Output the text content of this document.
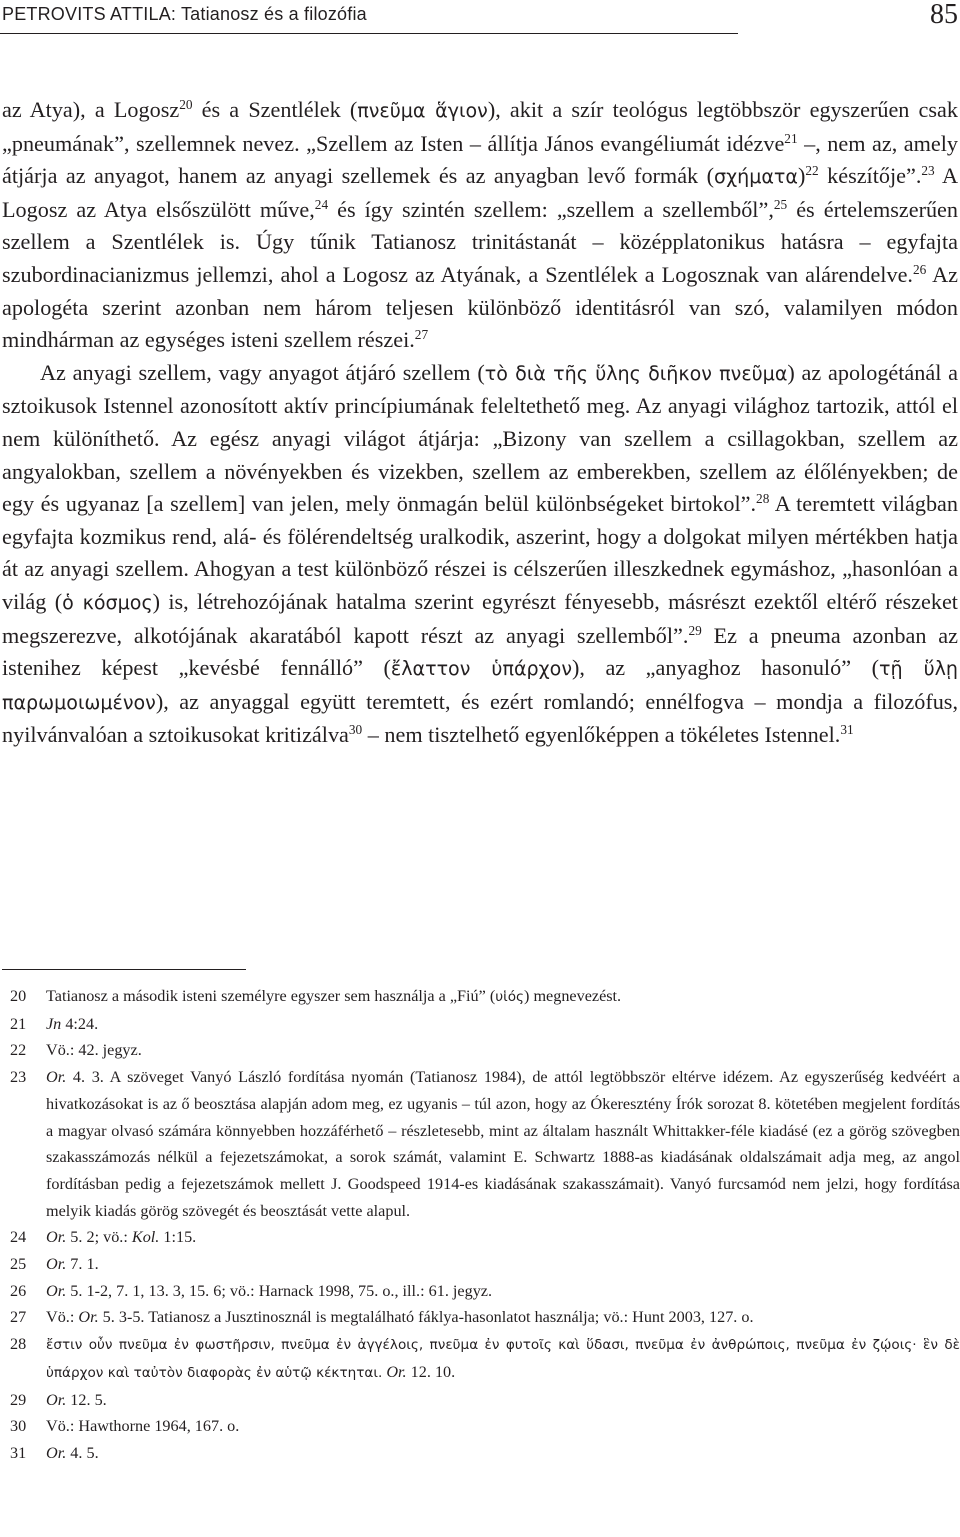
PETROVITS ATTILA: Tatianosz és a filozófia	85

az Atya), a Logosz$^{20}$ és a Szentlélek (πνεῦμα ἅγιον), akit a szír teológus legtöbbször egyszerűen csak „pneumának”, szellemnek nevez. „Szellem az Isten – állítja János evangéliumát idézve$^{21}$ –, nem az, amely átjárja az anyagot, hanem az anyagi szellemek és az anyagban levő formák $(\sigma\chi ή\mu\alpha\tau\alpha)^{22}$ készítője”.$^{23}$ A Logosz az Atya elsőszülött műve,$^{24}$ és így szintén szellem: „szellem a szellemből”,$^{25}$ és értelemszerűen szellem a Szentlélek is. Úgy tűnik Tatianosz trinitástanát – középplatonikus hatásra – egyfajta szubordinacianizmus jellemzi, ahol a Logosz az Atyának, a Szentlélek a Logosznak van alárendelve.$^{26}$ Az apologéta szerint azonban nem három teljesen különböző identitásról van szó, valamilyen módon mindhárman az egységes isteni szellem részei.$^{27}$

Az anyagi szellem, vagy anyagot átjáró szellem (τὸ διὰ τῆς ὕλης διῆκον πνεῦμα) az apologétánál a sztoikusok Istennel azonosított aktív princípiumának feleltethető meg. Az anyagi világhoz tartozik, attól el nem különíthető. Az egész anyagi világot átjárja: „Bizony van szellem a csillagokban, szellem az angyalokban, szellem a növényekben és vizekben, szellem az emberekben, szellem az élőlényekben; de egy és ugyanaz [a szellem] van jelen, mely önmagán belül különbségeket birtokol”.$^{28}$ A teremtett világban egyfajta kozmikus rend, alá- és fölérendeltség uralkodik, aszerint, hogy a dolgokat milyen mértékben hatja át az anyagi szellem. Ahogyan a test különböző részei is célszerűen illeszkednek egymáshoz, „hasonlóan a világ (ὁ κόσμος) is, létrehozójának hatalma szerint egyrészt fényesebb, másrészt ezektől eltérő részeket megszerezve, alkotójának akaratából kapott részt az anyagi szellemből”.$^{29}$ Ez a pneuma azonban az istenihez képest „kevésbé fennálló” (ἔλαττον ὑπάρχον), az „anyaghoz hasonuló” (τῇ ὕλῃ παρωμοιωμένον), az anyaggal együtt teremtett, és ezért romlandó; ennélfogva – mondja a filozófus, nyilvánvalóan a sztoikusokat kritizálva$^{30}$ – nem tisztelhető egyenlőképpen a tökéletes Istennel.$^{31}$

20	Tatianosz a második isteni személyre egyszer sem használja a „Fiú” (υἱός) megnevezést.
21	Jn 4:24.
22	Vö.: 42. jegyz.
23	Or. 4. 3. A szöveget Vanyó László fordítása nyomán (Tatianosz 1984), de attól legtöbbször eltérve idézem. Az egyszerűség kedvéért a hivatkozásokat is az ő beosztása alapján adom meg, ez ugyanis – túl azon, hogy az Ókeresztény Írók sorozat 8. kötetében megjelent fordítás a magyar olvasó számára könnyebben hozzáférhető – részletesebb, mint az általam használt Whittakker-féle kiadásé (ez a görög szövegben szakasszámozás nélkül a fejezetszámokat, a sorok számát, valamint E. Schwartz 1888-as kiadásának oldalszámait adja meg, az angol fordításban pedig a fejezetszámok mellett J. Goodspeed 1914-es kiadásának szakasszámait). Vanyó furcsamód nem jelzi, hogy fordítása melyik kiadás görög szövegét és beosztását vette alapul.
24	Or. 5. 2; vö.: Kol. 1:15.
25	Or. 7. 1.
26	Or. 5. 1-2, 7. 1, 13. 3, 15. 6; vö.: Harnack 1998, 75. o., ill.: 61. jegyz.
27	Vö.: Or. 5. 3-5. Tatianosz a Jusztinosznál is megtalálható fáklya-hasonlatot használja; vö.: Hunt 2003, 127. o.
28	ἔστιν οὖν πνεῦμα ἐν φωστῆρσιν, πνεῦμα ἐν ἀγγέλοις, πνεῦμα ἐν φυτοῖς καὶ ὕδασι, πνεῦμα ἐν ἀνθρώποις, πνεῦμα ἐν ζῴοις· ἓν δὲ ὑπάρχον καὶ ταὐτὸν διαφορὰς ἐν αὑτῷ κέκτηται. Or. 12. 10.
29	Or. 12. 5.
30	Vö.: Hawthorne 1964, 167. o.
31	Or. 4. 5.
